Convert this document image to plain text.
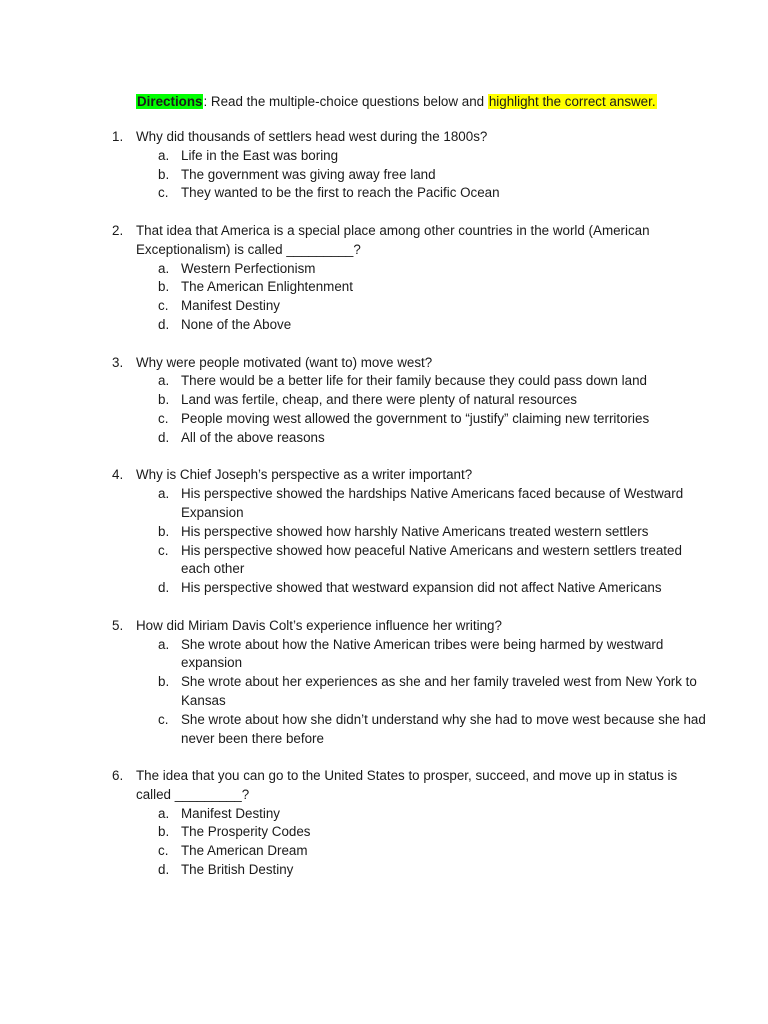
Directions: Read the multiple-choice questions below and highlight the correct answer.
1. Why did thousands of settlers head west during the 1800s?
a. Life in the East was boring
b. The government was giving away free land
c. They wanted to be the first to reach the Pacific Ocean
2. That idea that America is a special place among other countries in the world (American Exceptionalism) is called _________?
a. Western Perfectionism
b. The American Enlightenment
c. Manifest Destiny
d. None of the Above
3. Why were people motivated (want to) move west?
a. There would be a better life for their family because they could pass down land
b. Land was fertile, cheap, and there were plenty of natural resources
c. People moving west allowed the government to “justify” claiming new territories
d. All of the above reasons
4. Why is Chief Joseph’s perspective as a writer important?
a. His perspective showed the hardships Native Americans faced because of Westward Expansion
b. His perspective showed how harshly Native Americans treated western settlers
c. His perspective showed how peaceful Native Americans and western settlers treated each other
d. His perspective showed that westward expansion did not affect Native Americans
5. How did Miriam Davis Colt’s experience influence her writing?
a. She wrote about how the Native American tribes were being harmed by westward expansion
b. She wrote about her experiences as she and her family traveled west from New York to Kansas
c. She wrote about how she didn’t understand why she had to move west because she had never been there before
6. The idea that you can go to the United States to prosper, succeed, and move up in status is called _________?
a. Manifest Destiny
b. The Prosperity Codes
c. The American Dream
d. The British Destiny
